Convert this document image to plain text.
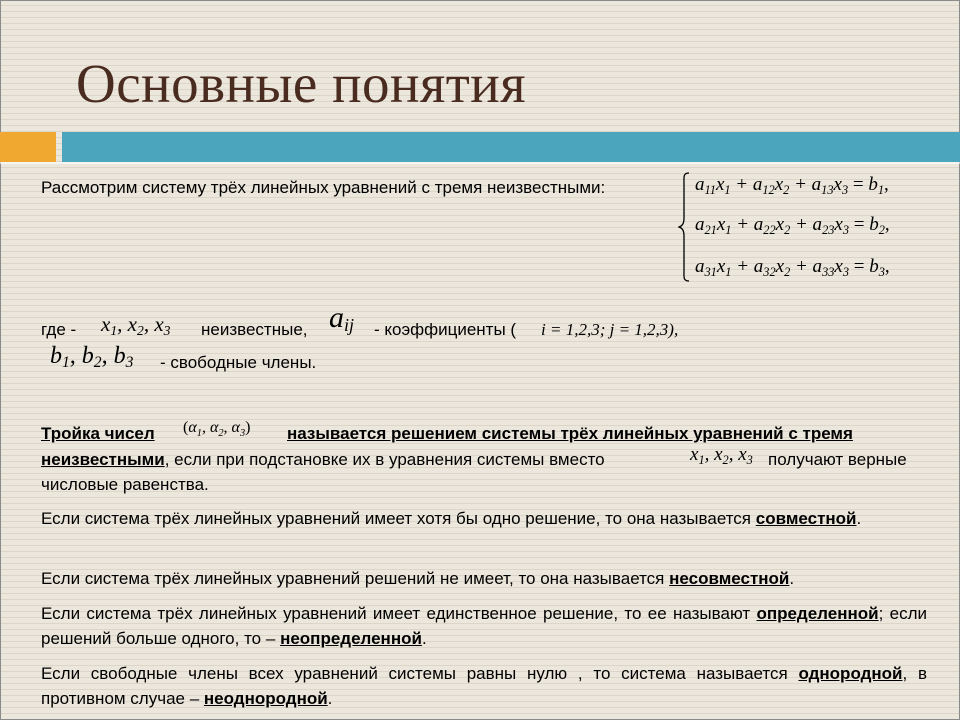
Основные понятия
Рассмотрим систему трёх линейных уравнений с тремя неизвестными:	$a_{11}x_1 + a_{12}x_2 + a_{13}x_3 = b_1$,
$a_{21}x_1 + a_{22}x_2 + a_{23}x_3 = b_2$,
$a_{31}x_1 + a_{32}x_2 + a_{33}x_3 = b_3$,
где - $x_1$, $x_2$, $x_3$ неизвестные, $a_{ij}$ - коэффициенты ( i = 1,2,3; j = 1,2,3),
$b_1$, $b_2$, $b_3$ - свободные члены.
Тройка чисел ($\alpha_1$, $\alpha_2$, $\alpha_3$) называется решением системы трёх линейных уравнений с тремя
неизвестными, если при подстановке их в уравнения системы вместо	$x_1$, $x_2$, $x_3$ получают верные
числовые равенства.
Если система трёх линейных уравнений имеет хотя бы одно решение, то она называется совместной.
Если система трёх линейных уравнений решений не имеет, то она называется несовместной.
Если система трёх линейных уравнений имеет единственное решение, то ее называют определенной; если решений больше одного, то – неопределенной.
Если свободные члены всех уравнений системы равны нулю , то система называется однородной, в противном случае – неоднородной.
